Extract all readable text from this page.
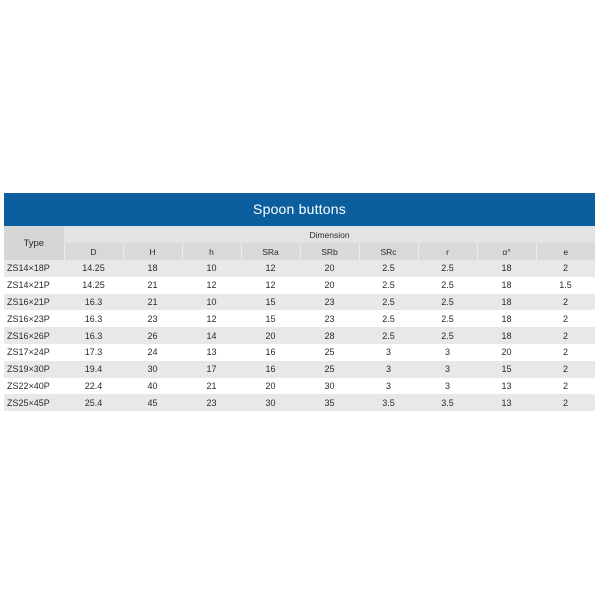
Spoon buttons
Type	Dimension								
	D	H	h	SRa	SRb	SRc	r	α°	e
ZS14×18P	14.25	18	10	12	20	2.5	2.5	18	2
ZS14×21P	14.25	21	12	12	20	2.5	2.5	18	1.5
ZS16×21P	16.3	21	10	15	23	2.5	2.5	18	2
ZS16×23P	16.3	23	12	15	23	2.5	2.5	18	2
ZS16×26P	16.3	26	14	20	28	2.5	2.5	18	2
ZS17×24P	17.3	24	13	16	25	3	3	20	2
ZS19×30P	19.4	30	17	16	25	3	3	15	2
ZS22×40P	22.4	40	21	20	30	3	3	13	2
ZS25×45P	25.4	45	23	30	35	3.5	3.5	13	2
